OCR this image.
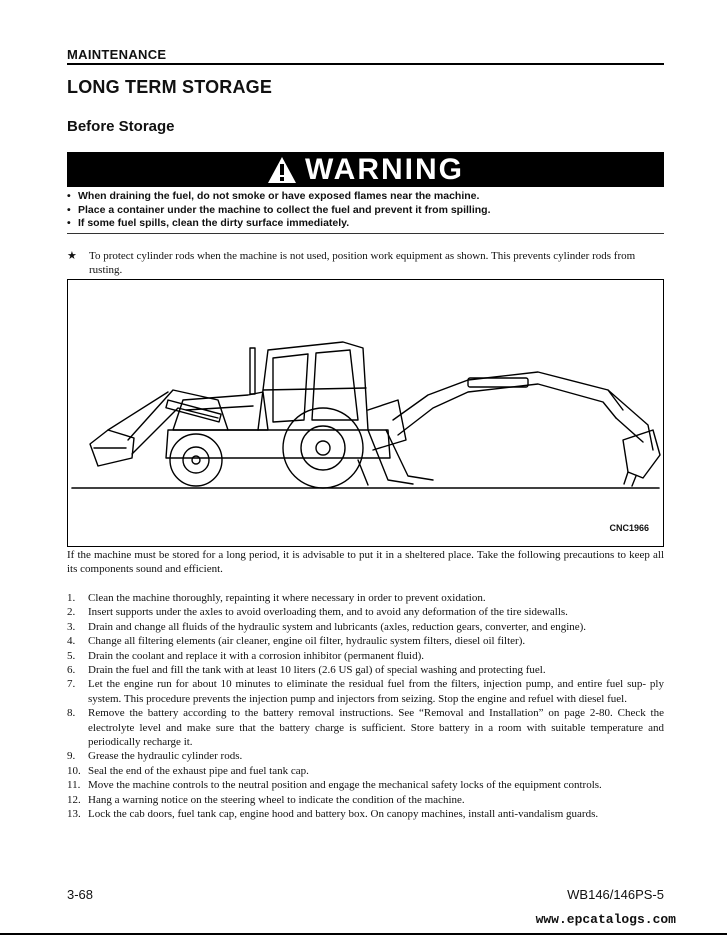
MAINTENANCE
LONG TERM STORAGE
Before Storage
WARNING
• When draining the fuel, do not smoke or have exposed flames near the machine.
• Place a container under the machine to collect the fuel and prevent it from spilling.
• If some fuel spills, clean the dirty surface immediately.
★	To protect cylinder rods when the machine is not used, position work equipment as shown. This prevents cylinder rods from rusting.
CNC1966
If the machine must be stored for a long period, it is advisable to put it in a sheltered place. Take the following precautions to keep all its components sound and efficient.
1.	Clean the machine thoroughly, repainting it where necessary in order to prevent oxidation.
2.	Insert supports under the axles to avoid overloading them, and to avoid any deformation of the tire sidewalls.
3.	Drain and change all fluids of the hydraulic system and lubricants (axles, reduction gears, converter, and engine).
4.	Change all filtering elements (air cleaner, engine oil filter, hydraulic system filters, diesel oil filter).
5.	Drain the coolant and replace it with a corrosion inhibitor (permanent fluid).
6.	Drain the fuel and fill the tank with at least 10 liters (2.6 US gal) of special washing and protecting fuel.
7.	Let the engine run for about 10 minutes to eliminate the residual fuel from the filters, injection pump, and entire fuel sup- ply system. This procedure prevents the injection pump and injectors from seizing. Stop the engine and refuel with diesel fuel.
8.	Remove the battery according to the battery removal instructions. See “Removal and Installation” on page 2-80. Check the electrolyte level and make sure that the battery charge is sufficient. Store battery in a room with suitable temperature and periodically recharge it.
9.	Grease the hydraulic cylinder rods.
10. Seal the end of the exhaust pipe and fuel tank cap.
11. Move the machine controls to the neutral position and engage the mechanical safety locks of the equipment controls.
12. Hang a warning notice on the steering wheel to indicate the condition of the machine.
13. Lock the cab doors, fuel tank cap, engine hood and battery box. On canopy machines, install anti-vandalism guards.
3-68	WB146/146PS-5
www.epcatalogs.com
